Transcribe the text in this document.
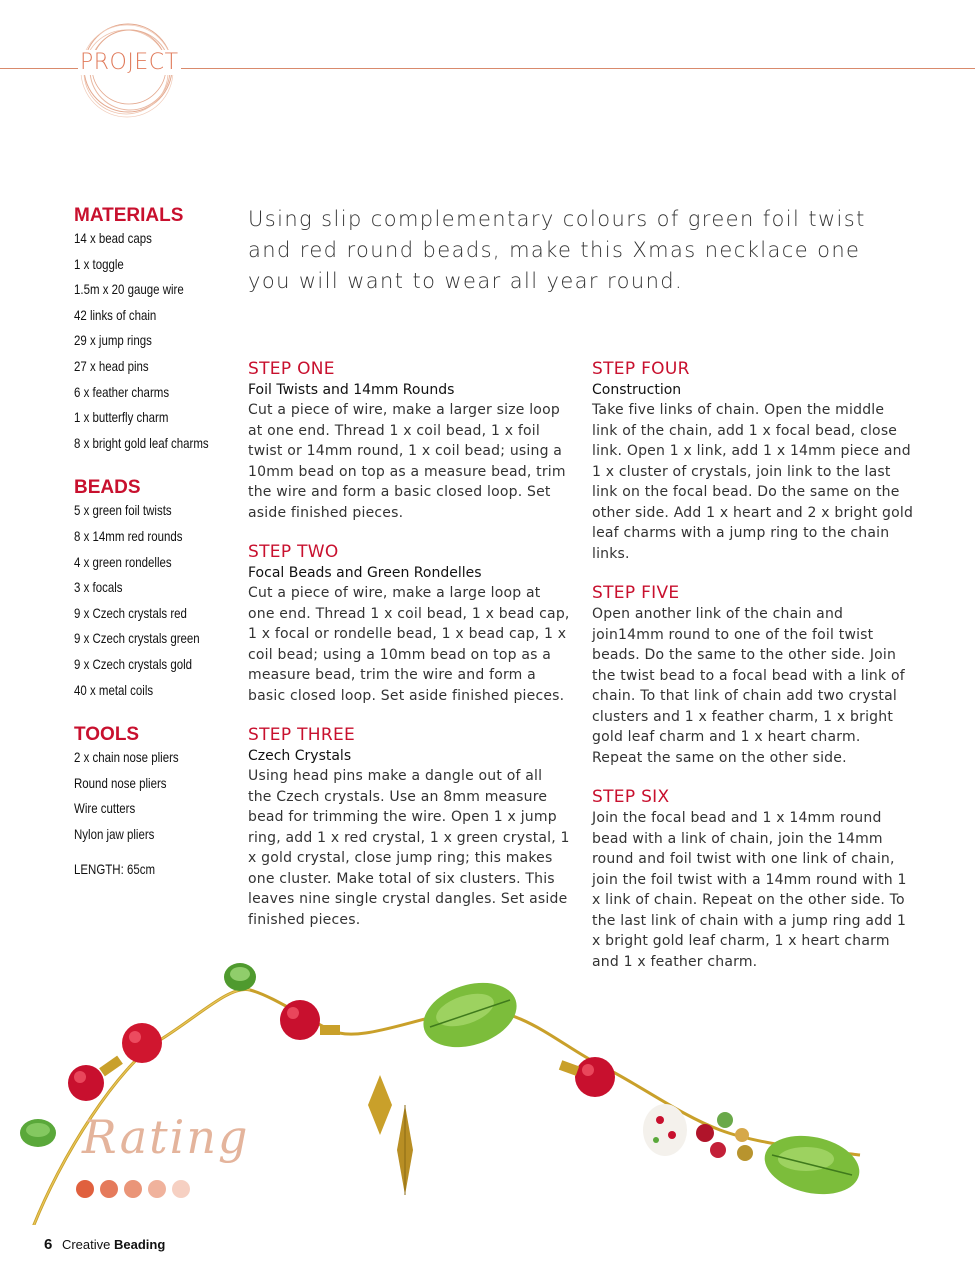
PROJECT
MATERIALS
14 x bead caps
1 x toggle
1.5m x 20 gauge wire
42 links of chain
29 x jump rings
27 x head pins
6 x feather charms
1 x butterfly charm
8 x bright gold leaf charms
BEADS
5 x green foil twists
8 x 14mm red rounds
4 x green rondelles
3 x focals
9 x Czech crystals red
9 x Czech crystals green
9 x Czech crystals gold
40 x metal coils
TOOLS
2 x chain nose pliers
Round nose pliers
Wire cutters
Nylon jaw pliers
LENGTH: 65cm
Using slip complementary colours of green foil twist and red round beads, make this Xmas necklace one you will want to wear all year round.
STEP ONE
Foil Twists and 14mm Rounds
Cut a piece of wire, make a larger size loop at one end. Thread 1 x coil bead, 1 x foil twist or 14mm round, 1 x coil bead; using a 10mm bead on top as a measure bead, trim the wire and form a basic closed loop. Set aside finished pieces.
STEP TWO
Focal Beads and Green Rondelles
Cut a piece of wire, make a large loop at one end. Thread 1 x coil bead, 1 x bead cap, 1 x focal or rondelle bead, 1 x bead cap, 1 x coil bead; using a 10mm bead on top as a measure bead, trim the wire and form a basic closed loop. Set aside finished pieces.
STEP THREE
Czech Crystals
Using head pins make a dangle out of all the Czech crystals. Use an 8mm measure bead for trimming the wire. Open 1 x jump ring, add 1 x red crystal, 1 x green crystal, 1 x gold crystal, close jump ring; this makes one cluster. Make total of six clusters. This leaves nine single crystal dangles. Set aside finished pieces.
STEP FOUR
Construction
Take five links of chain. Open the middle link of the chain, add 1 x focal bead, close link. Open 1 x link, add 1 x 14mm piece and 1 x cluster of crystals, join link to the last link on the focal bead. Do the same on the other side. Add 1 x heart and 2 x bright gold leaf charms with a jump ring to the chain links.
STEP FIVE
Open another link of the chain and join14mm round to one of the foil twist beads. Do the same to the other side. Join the twist bead to a focal bead with a link of chain. To that link of chain add two crystal clusters and 1 x feather charm, 1 x bright gold leaf charm and 1 x heart charm. Repeat the same on the other side.
STEP SIX
Join the focal bead and 1 x 14mm round bead with a link of chain, join the 14mm round and foil twist with one link of chain, join the foil twist with a 14mm round with 1 x link of chain. Repeat on the other side. To the last link of chain with a jump ring add 1 x bright gold leaf charm, 1 x heart charm and 1 x feather charm.
Rating
6 Creative Beading
